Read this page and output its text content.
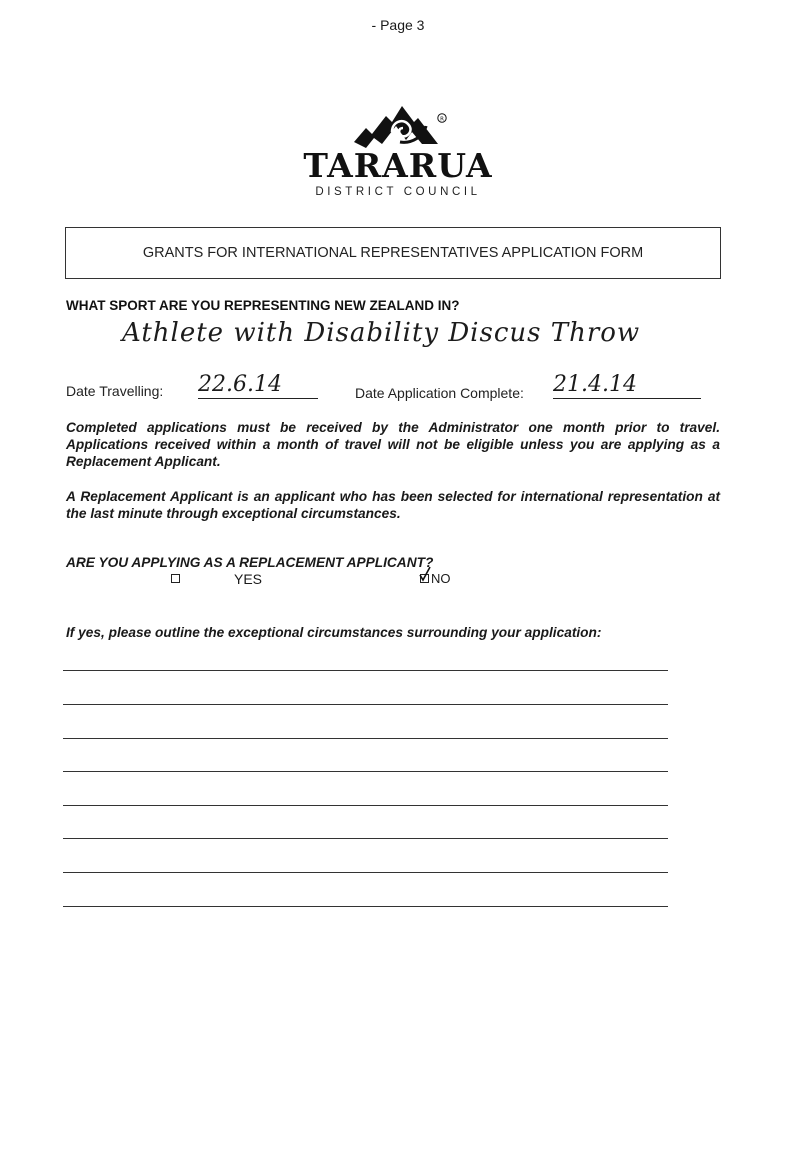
- Page 3
R
TARARUA
DISTRICT COUNCIL
GRANTS FOR INTERNATIONAL REPRESENTATIVES APPLICATION FORM
WHAT SPORT ARE YOU REPRESENTING NEW ZEALAND IN?
Athlete with Disability Discus Throw
Date Travelling: 22.6.14	Date Application Complete: 21.4.14
Completed applications must be received by the Administrator one month prior to travel. Applications received within a month of travel will not be eligible unless you are applying as a Replacement Applicant.
A Replacement Applicant is an applicant who has been selected for international representation at the last minute through exceptional circumstances.
ARE YOU APPLYING AS A REPLACEMENT APPLICANT?
YES	NO
If yes, please outline the exceptional circumstances surrounding your application:
